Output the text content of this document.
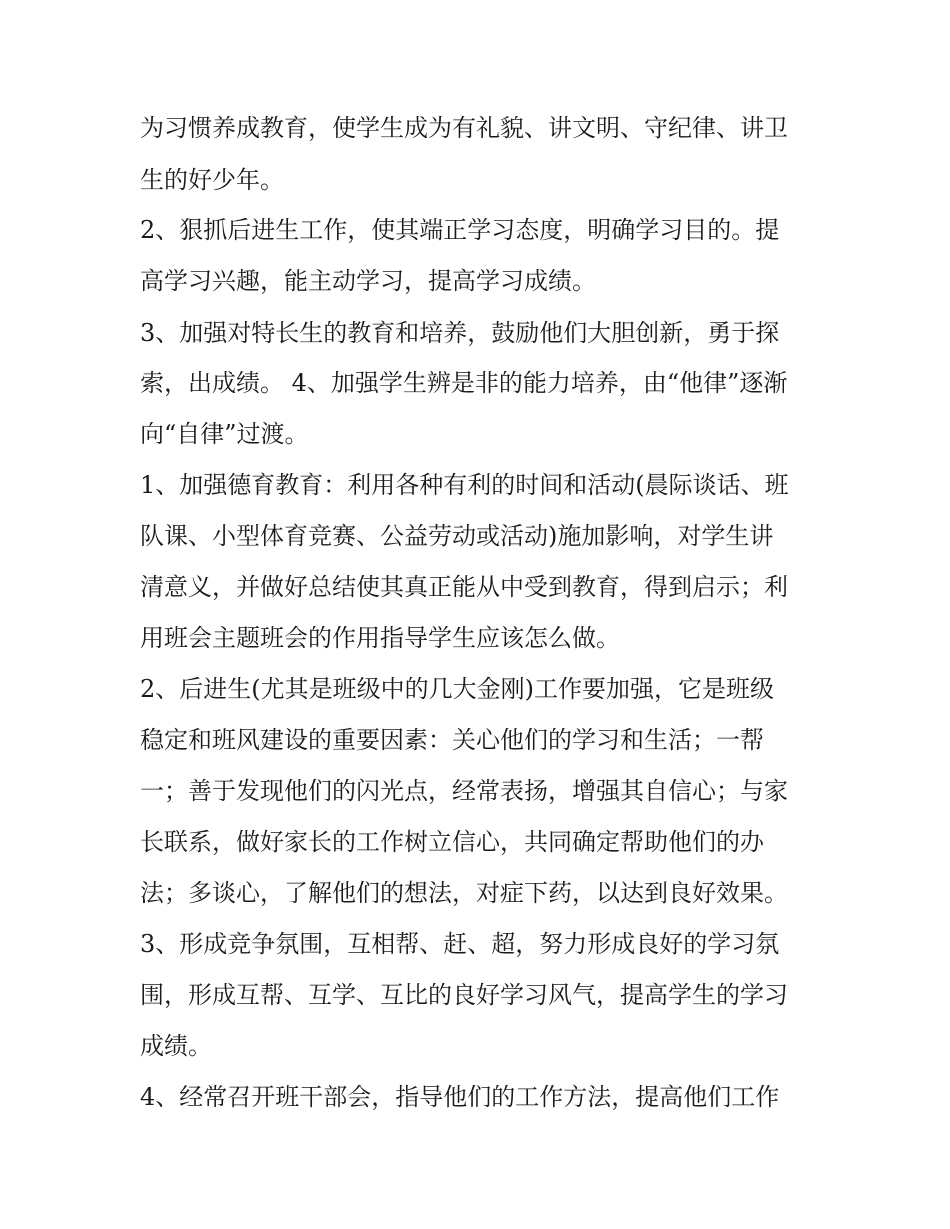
为习惯养成教育，使学生成为有礼貌、讲文明、守纪律、讲卫
生的好少年。
2、狠抓后进生工作，使其端正学习态度，明确学习目的。提
高学习兴趣，能主动学习，提高学习成绩。
3、加强对特长生的教育和培养，鼓励他们大胆创新，勇于探
索，出成绩。 4、加强学生辨是非的能力培养，由“他律”逐渐
向“自律”过渡。
1、加强德育教育：利用各种有利的时间和活动(晨际谈话、班
队课、小型体育竞赛、公益劳动或活动)施加影响，对学生讲
清意义，并做好总结使其真正能从中受到教育，得到启示；利
用班会主题班会的作用指导学生应该怎么做。
2、后进生(尤其是班级中的几大金刚)工作要加强，它是班级
稳定和班风建设的重要因素：关心他们的学习和生活；一帮
一；善于发现他们的闪光点，经常表扬，增强其自信心；与家
长联系，做好家长的工作树立信心，共同确定帮助他们的办
法；多谈心，了解他们的想法，对症下药，以达到良好效果。
3、形成竞争氛围，互相帮、赶、超，努力形成良好的学习氛
围，形成互帮、互学、互比的良好学习风气，提高学生的学习
成绩。
4、经常召开班干部会，指导他们的工作方法，提高他们工作
